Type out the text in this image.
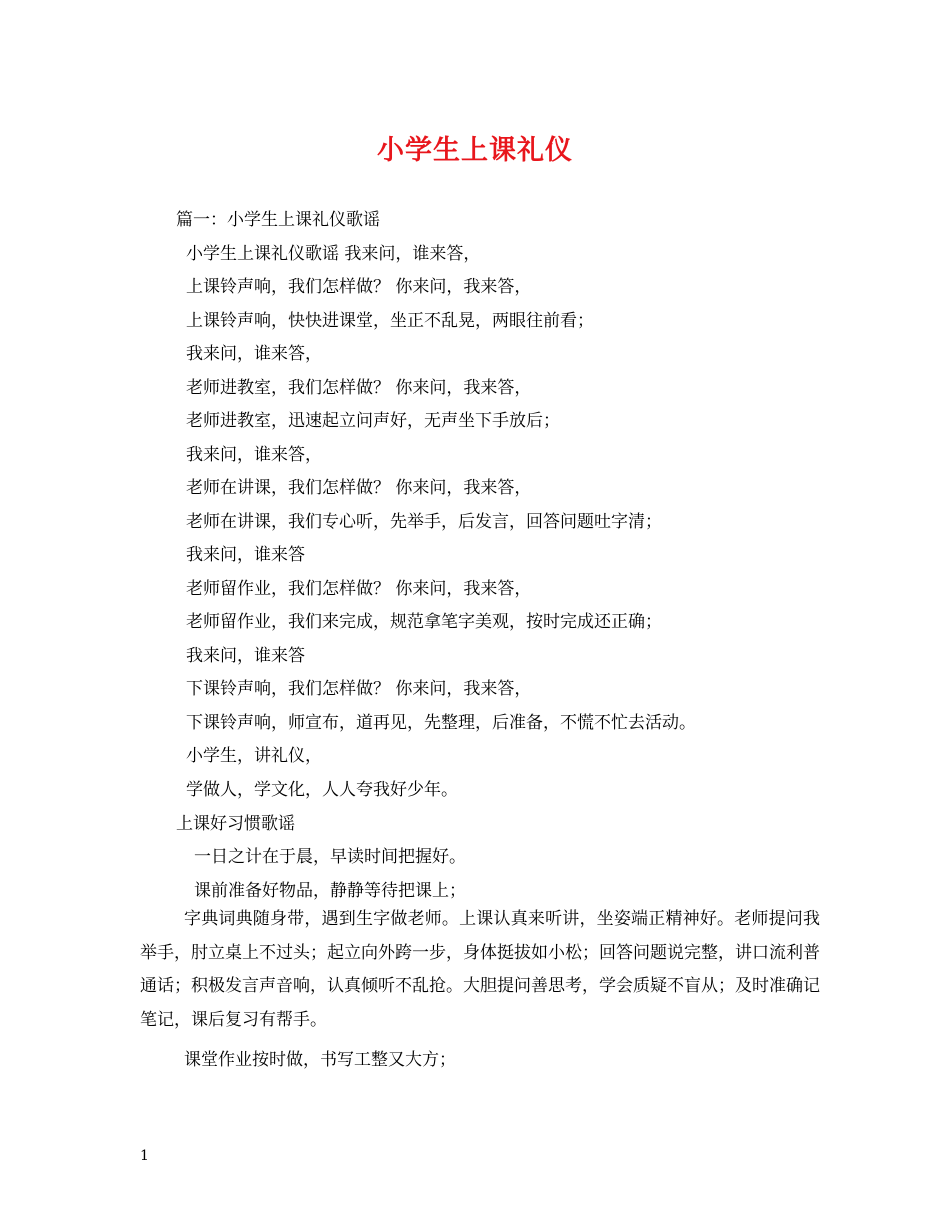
小学生上课礼仪
篇一：小学生上课礼仪歌谣
小学生上课礼仪歌谣 我来问，谁来答，
上课铃声响，我们怎样做？ 你来问，我来答，
上课铃声响，快快进课堂，坐正不乱晃，两眼往前看；
我来问，谁来答，
老师进教室，我们怎样做？ 你来问，我来答，
老师进教室，迅速起立问声好，无声坐下手放后；
我来问，谁来答，
老师在讲课，我们怎样做？ 你来问，我来答，
老师在讲课，我们专心听，先举手，后发言，回答问题吐字清；
我来问，谁来答
老师留作业，我们怎样做？ 你来问，我来答，
老师留作业，我们来完成，规范拿笔字美观，按时完成还正确；
我来问，谁来答
下课铃声响，我们怎样做？ 你来问，我来答，
下课铃声响，师宣布，道再见，先整理，后准备，不慌不忙去活动。
小学生，讲礼仪，
学做人，学文化，人人夸我好少年。
上课好习惯歌谣
一日之计在于晨，早读时间把握好。
课前准备好物品，静静等待把课上；
字典词典随身带，遇到生字做老师。上课认真来听讲，坐姿端正精神好。老师提问我举手，肘立桌上不过头；起立向外跨一步，身体挺拔如小松；回答问题说完整，讲口流利普通话；积极发言声音响，认真倾听不乱抢。大胆提问善思考，学会质疑不盲从；及时准确记笔记，课后复习有帮手。
课堂作业按时做，书写工整又大方；
1
